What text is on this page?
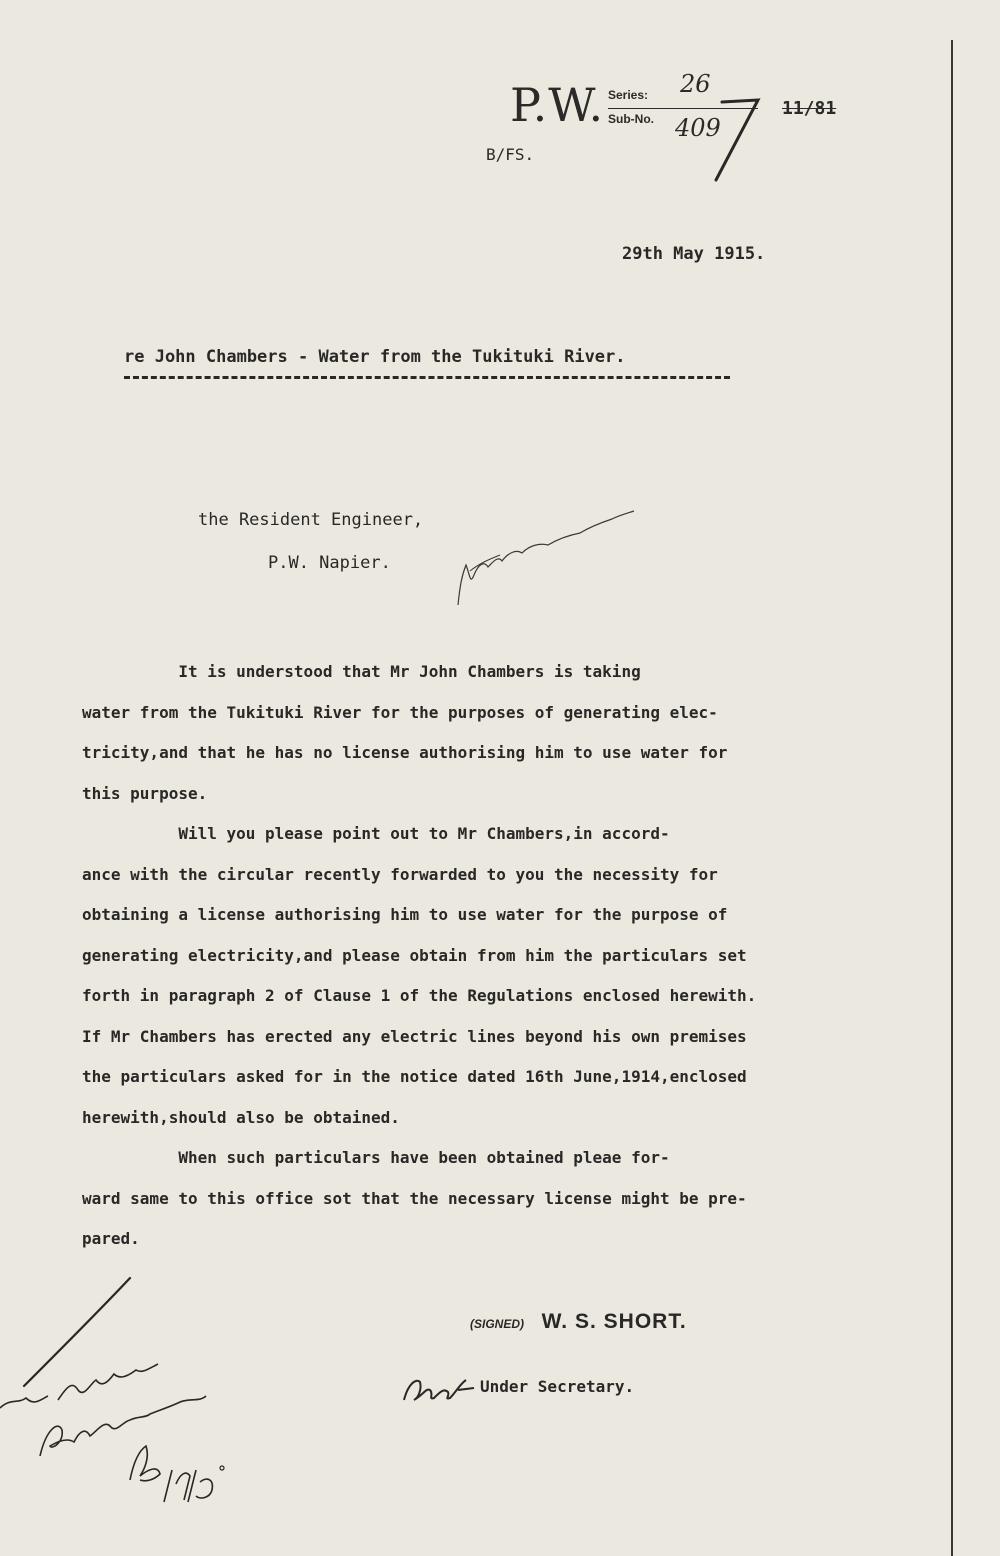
P.W. Series:
Sub-No.
26
409
11/81
B/FS.
29th May 1915.
re John Chambers - Water from the Tukituki River.
the Resident Engineer,
P.W. Napier.

It is understood that Mr John Chambers is taking
water from the Tukituki River for the purposes of generating elec-
tricity,and that he has no license authorising him to use water for
this purpose.

Will you please point out to Mr Chambers,in accord-
ance with the circular recently forwarded to you the necessity for
obtaining a license authorising him to use water for the purpose of
generating electricity,and please obtain from him the particulars set
forth in paragraph 2 of Clause 1 of the Regulations enclosed herewith.
If Mr Chambers has erected any electric lines beyond his own premises
the particulars asked for in the notice dated 16th June,1914,enclosed
herewith,should also be obtained.

When such particulars have been obtained pleae for-
ward same to this office sot that the necessary license might be pre-
pared.

(SIGNED) W. S. SHORT.
Under Secretary.
